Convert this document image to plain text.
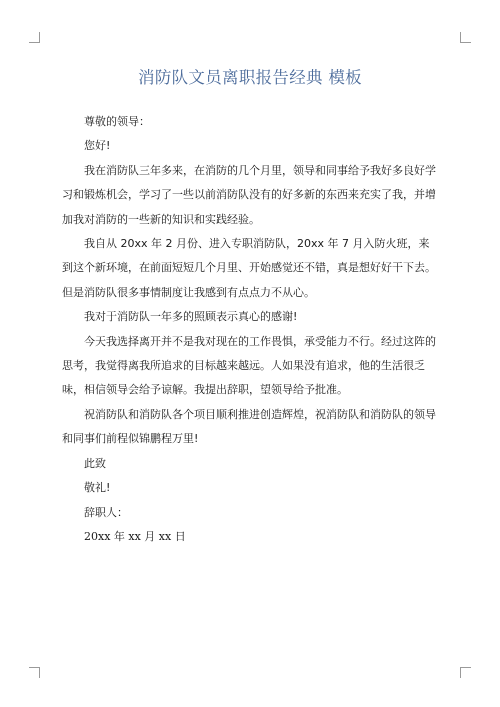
消防队文员离职报告经典 模板

尊敬的领导：

您好!

我在消防队三年多来，在消防的几个月里，领导和同事给予我好多良好学习和锻炼机会，学习了一些以前消防队没有的好多新的东西来充实了我，并增加我对消防的一些新的知识和实践经验。

我自从 20xx 年 2 月份、进入专职消防队，20xx 年 7 月入防火班，来到这个新环境，在前面短短几个月里、开始感觉还不错，真是想好好干下去。但是消防队很多事情制度让我感到有点点力不从心。

我对于消防队一年多的照顾表示真心的感谢!

今天我选择离开并不是我对现在的工作畏惧，承受能力不行。经过这阵的思考，我觉得离我所追求的目标越来越远。人如果没有追求，他的生活很乏味，相信领导会给予谅解。我提出辞职，望领导给予批准。

祝消防队和消防队各个项目顺利推进创造辉煌，祝消防队和消防队的领导和同事们前程似锦鹏程万里!

此致

敬礼!

辞职人：

20xx 年 xx 月 xx 日
